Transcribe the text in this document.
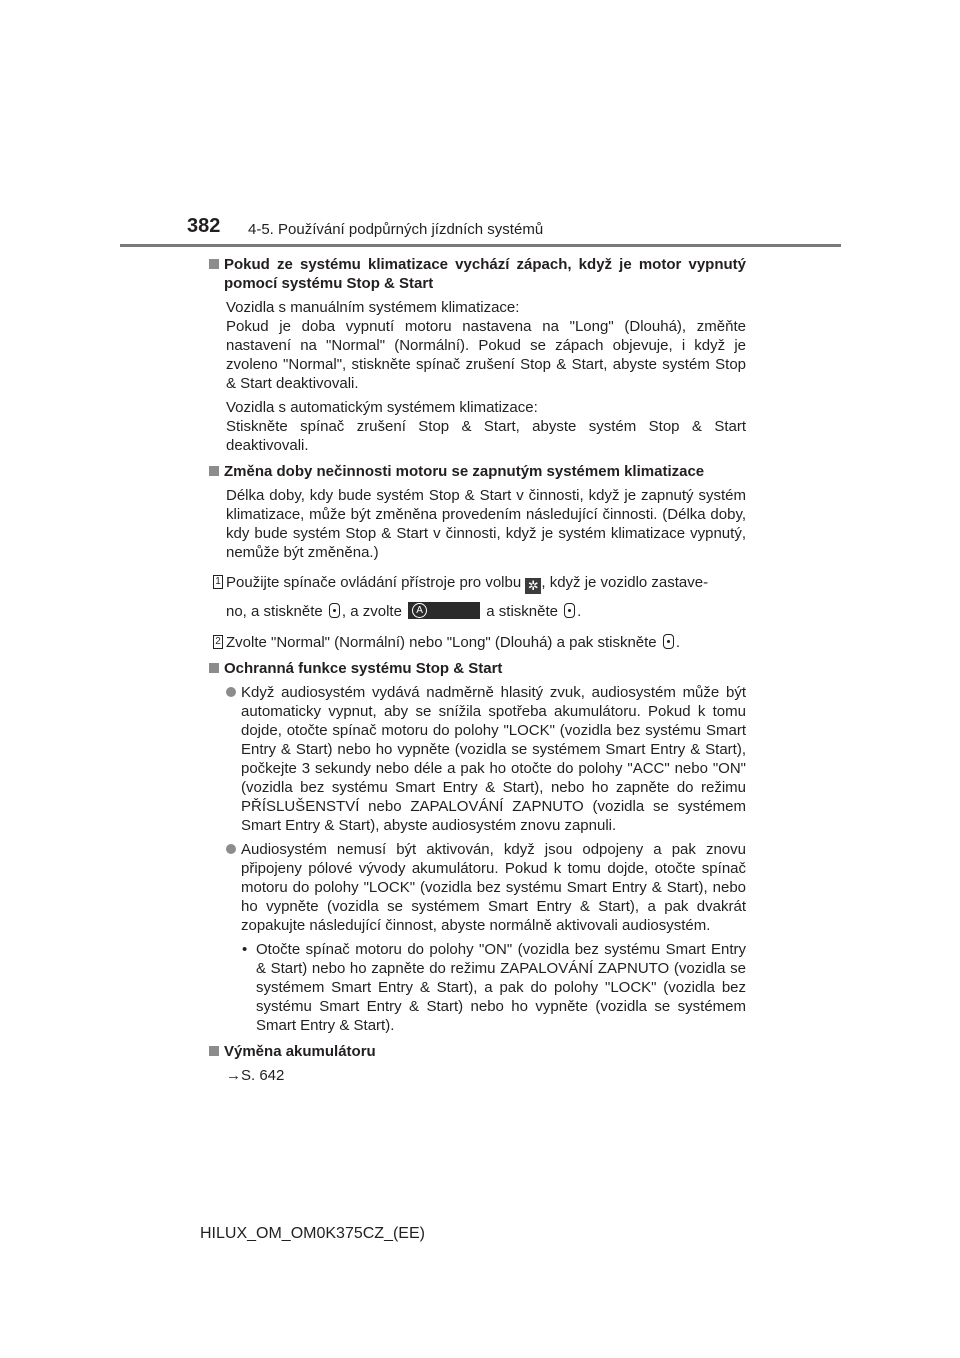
382 4-5. Používání podpůrných jízdních systémů
Pokud ze systému klimatizace vychází zápach, když je motor vypnutý pomocí systému Stop & Start
Vozidla s manuálním systémem klimatizace:
Pokud je doba vypnutí motoru nastavena na "Long" (Dlouhá), změňte nastavení na "Normal" (Normální). Pokud se zápach objevuje, i když je zvoleno "Normal", stiskněte spínač zrušení Stop & Start, abyste systém Stop & Start deaktivovali.
Vozidla s automatickým systémem klimatizace:
Stiskněte spínač zrušení Stop & Start, abyste systém Stop & Start deaktivovali.
Změna doby nečinnosti motoru se zapnutým systémem klimatizace
Délka doby, kdy bude systém Stop & Start v činnosti, když je zapnutý systém klimatizace, může být změněna provedením následující činnosti. (Délka doby, kdy bude systém Stop & Start v činnosti, když je systém klimatizace vypnutý, nemůže být změněna.)
1 Použijte spínače ovládání přístroje pro volbu ✲ , když je vozidlo zastave-
no, a stiskněte , a zvolte	A	a stiskněte .
2 Zvolte "Normal" (Normální) nebo "Long" (Dlouhá) a pak stiskněte .
Ochranná funkce systému Stop & Start
Když audiosystém vydává nadměrně hlasitý zvuk, audiosystém může být automaticky vypnut, aby se snížila spotřeba akumulátoru. Pokud k tomu dojde, otočte spínač motoru do polohy "LOCK" (vozidla bez systému Smart Entry & Start) nebo ho vypněte (vozidla se systémem Smart Entry & Start), počkejte 3 sekundy nebo déle a pak ho otočte do polohy "ACC" nebo "ON" (vozidla bez systému Smart Entry & Start), nebo ho zapněte do režimu PŘÍSLUŠENSTVÍ nebo ZAPALOVÁNÍ ZAPNUTO (vozidla se systémem Smart Entry & Start), abyste audiosystém znovu zapnuli.
Audiosystém nemusí být aktivován, když jsou odpojeny a pak znovu připojeny pólové vývody akumulátoru. Pokud k tomu dojde, otočte spínač motoru do polohy "LOCK" (vozidla bez systému Smart Entry & Start), nebo ho vypněte (vozidla se systémem Smart Entry & Start), a pak dvakrát zopakujte následující činnost, abyste normálně aktivovali audiosystém.
• Otočte spínač motoru do polohy "ON" (vozidla bez systému Smart Entry & Start) nebo ho zapněte do režimu ZAPALOVÁNÍ ZAPNUTO (vozidla se systémem Smart Entry & Start), a pak do polohy "LOCK" (vozidla bez systému Smart Entry & Start) nebo ho vypněte (vozidla se systémem Smart Entry & Start).
Výměna akumulátoru
→S. 642
HILUX_OM_OM0K375CZ_(EE)
